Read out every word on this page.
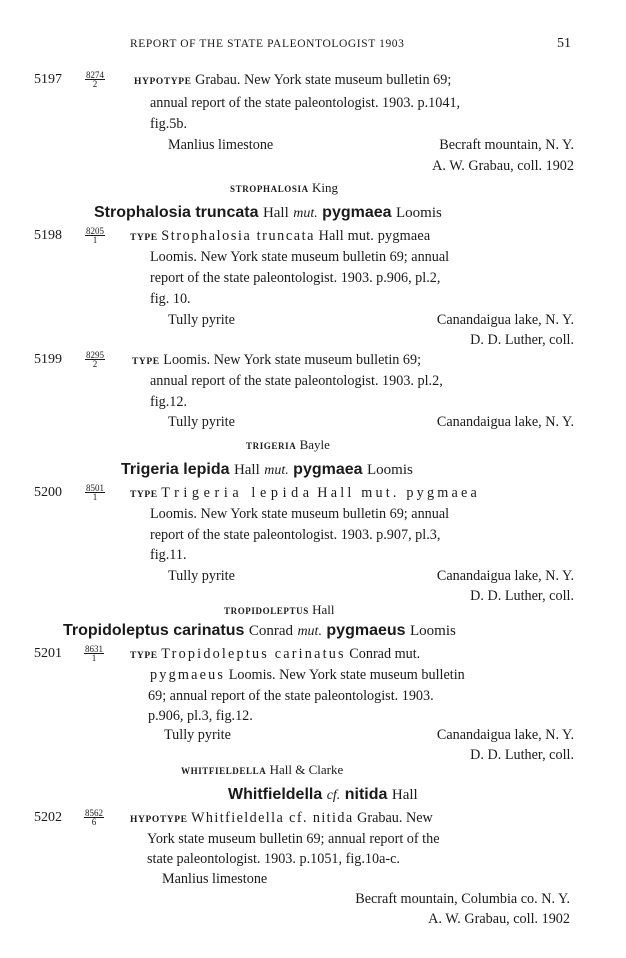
REPORT OF THE STATE PALEONTOLOGIST 1903	51
5197	$\frac{8274}{2}$	HYPOTYPE Grabau. New York state museum bulletin 69;
annual report of the state paleontologist. 1903. p.1041,
fig.5b.
Manlius limestone	Becraft mountain, N. Y.
A. W. Grabau, coll. 1902
STROPHALOSIA King
Strophalosia truncata Hall mut. pygmaea Loomis
5198	$\frac{8205}{1}$	TYPE Strophalosia truncata Hall mut. pygmaea
Loomis. New York state museum bulletin 69; annual
report of the state paleontologist. 1903. p.906, pl.2,
fig. 10.
Tully pyrite	Canandaigua lake, N. Y.
D. D. Luther, coll.
5199	$\frac{8295}{2}$	TYPE Loomis. New York state museum bulletin 69;
annual report of the state paleontologist. 1903. pl.2,
fig.12.
Tully pyrite	Canandaigua lake, N. Y.
TRIGERIA Bayle
Trigeria lepida Hall mut. pygmaea Loomis
5200	$\frac{8501}{1}$	TYPE Trigeria lepida Hall mut. pygmaea
Loomis. New York state museum bulletin 69; annual
report of the state paleontologist. 1903. p.907, pl.3,
fig.11.
Tully pyrite	Canandaigua lake, N. Y.
D. D. Luther, coll.
TROPIDOLEPTUS Hall
Tropidoleptus carinatus Conrad mut. pygmaeus Loomis
$5201 \frac{8631}{1}$	TYPE Tropidoleptus carinatus Conrad mut.
pygmaeus Loomis. New York state museum bulletin
69; annual report of the state paleontologist. 1903.
p.906, pl.3, fig.12.
Tully pyrite	Canandaigua lake, N. Y.
D. D. Luther, coll.
WHITFIELDELLA Hall & Clarke
Whitfieldella cf. nitida Hall
$5202 \frac{8562}{6}$	HYPOTYPE Whitfieldella cf. nitida Grabau. New
York state museum bulletin 69; annual report of the
state paleontologist. 1903. p.1051, fig.10a-c.
Manlius limestone
Becraft mountain, Columbia co. N. Y.
A. W. Grabau, coll. 1902
